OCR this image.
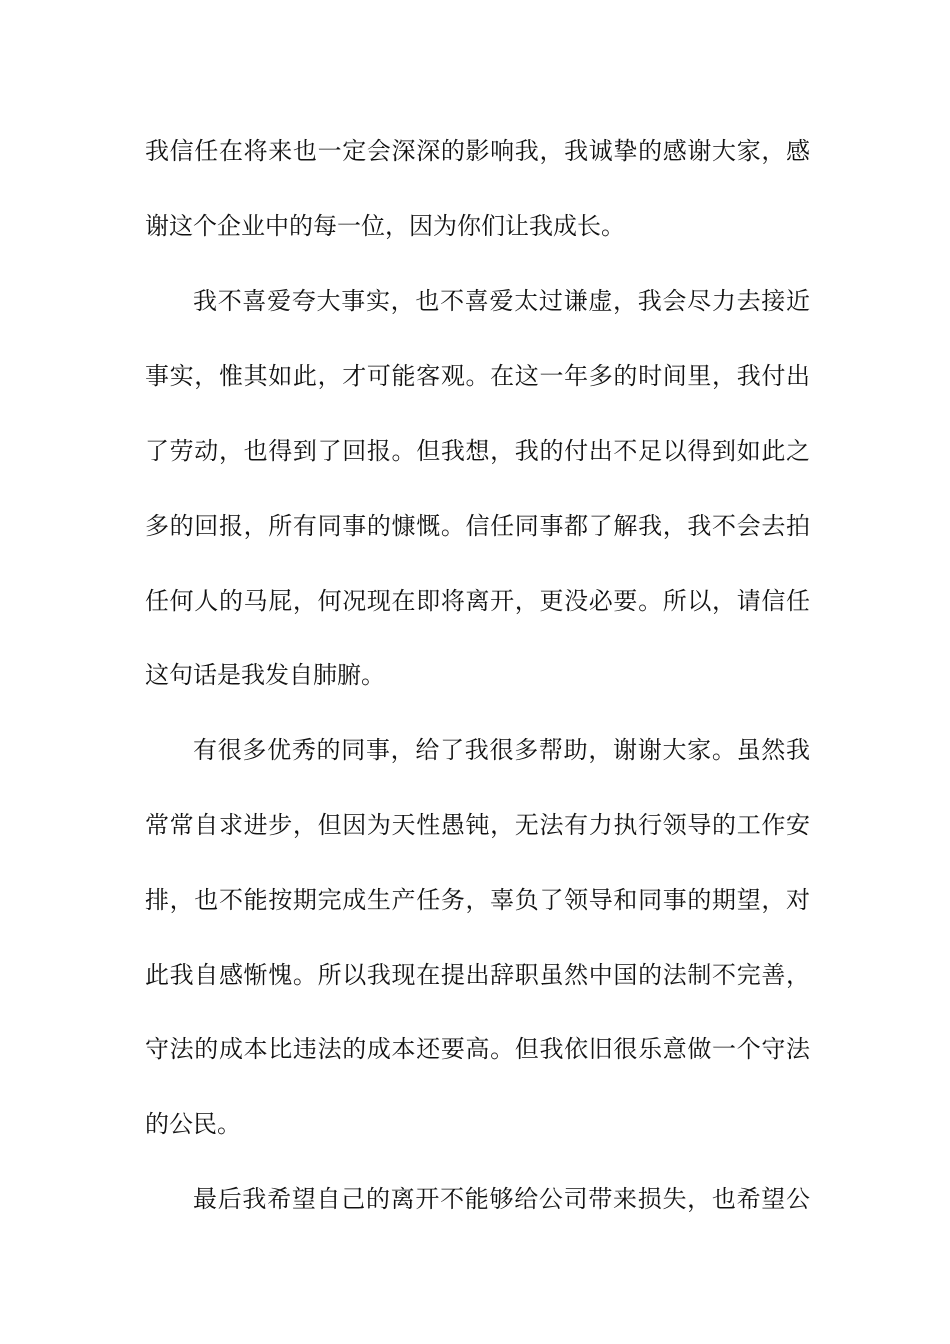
我信任在将来也一定会深深的影响我，我诚挚的感谢大家，感
谢这个企业中的每一位，因为你们让我成长。
我不喜爱夸大事实，也不喜爱太过谦虚，我会尽力去接近
事实，惟其如此，才可能客观。在这一年多的时间里，我付出
了劳动，也得到了回报。但我想，我的付出不足以得到如此之
多的回报，所有同事的慷慨。信任同事都了解我，我不会去拍
任何人的马屁，何况现在即将离开，更没必要。所以，请信任
这句话是我发自肺腑。
有很多优秀的同事，给了我很多帮助，谢谢大家。虽然我
常常自求进步，但因为天性愚钝，无法有力执行领导的工作安
排，也不能按期完成生产任务，辜负了领导和同事的期望，对
此我自感惭愧。所以我现在提出辞职虽然中国的法制不完善，
守法的成本比违法的成本还要高。但我依旧很乐意做一个守法
的公民。
最后我希望自己的离开不能够给公司带来损失，也希望公
